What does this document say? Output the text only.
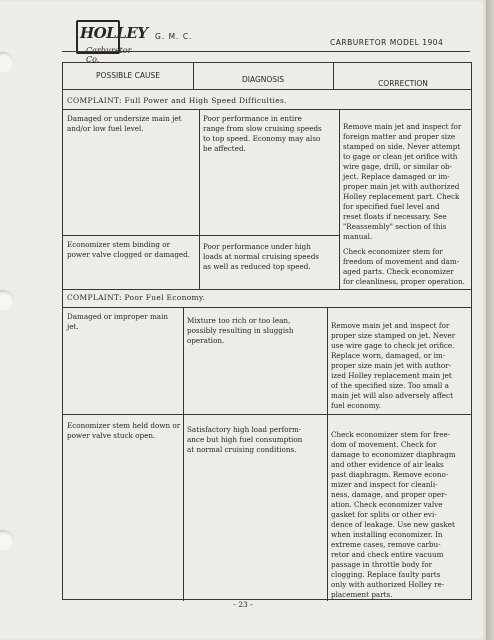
HOLLEY
Co.
G. M. C.
CARBURETOR MODEL 1904
POSSIBLE CAUSE	DIAGNOSIS	CORRECTION
COMPLAINT: Full Power and High Speed Difficulties.
Damaged or undersize main jet
and/or low fuel level.
Poor performance in entire
range from slow cruising speeds
to top speed. Economy may also
be affected.
Remove main jet and inspect for
foreign matter and proper size
stamped on side. Never attempt
to gage or clean jet orifice with
wire gage, drill, or similar ob-
ject. Replace damaged or im-
proper main jet with authorized
Holley replacement part. Check
for specified fuel level and
reset floats if necessary. See
"Reassembly" section of this
manual.
Economizer stem binding or
power valve clogged or damaged.
Poor performance under high
loads at normal cruising speeds
as well as reduced top speed.
Check economizer stem for
freedom of movement and dam-
aged parts. Check economizer
for cleanliness, proper operation.
COMPLAINT: Poor Fuel Economy.
Damaged or improper main jet.
Mixture too rich or too lean,
possibly resulting in sluggish
operation.
Remove main jet and inspect for
proper size stamped on jet. Never
use wire gage to check jet orifice.
Replace worn, damaged, or im-
proper size main jet with author-
ized Holley replacement main jet
of the specified size. Too small a
main jet will also adversely affect
fuel economy.
Economizer stem held down or
power valve stuck open.
Satisfactory high load perform-
ance but high fuel consumption
at normal cruising conditions.
Check economizer stem for free-
dom of movement. Check for
damage to economizer diaphragm
and other evidence of air leaks
past diaphragm. Remove econo-
mizer and inspect for cleanli-
ness, damage, and proper oper-
ation. Check economizer valve
gasket for splits or other evi-
dence of leakage. Use new gasket
when installing economizer. In
extreme cases, remove carbu-
retor and check entire vacuum
passage in throttle body for
clogging. Replace faulty parts
only with authorized Holley re-
placement parts.
- 23 -
